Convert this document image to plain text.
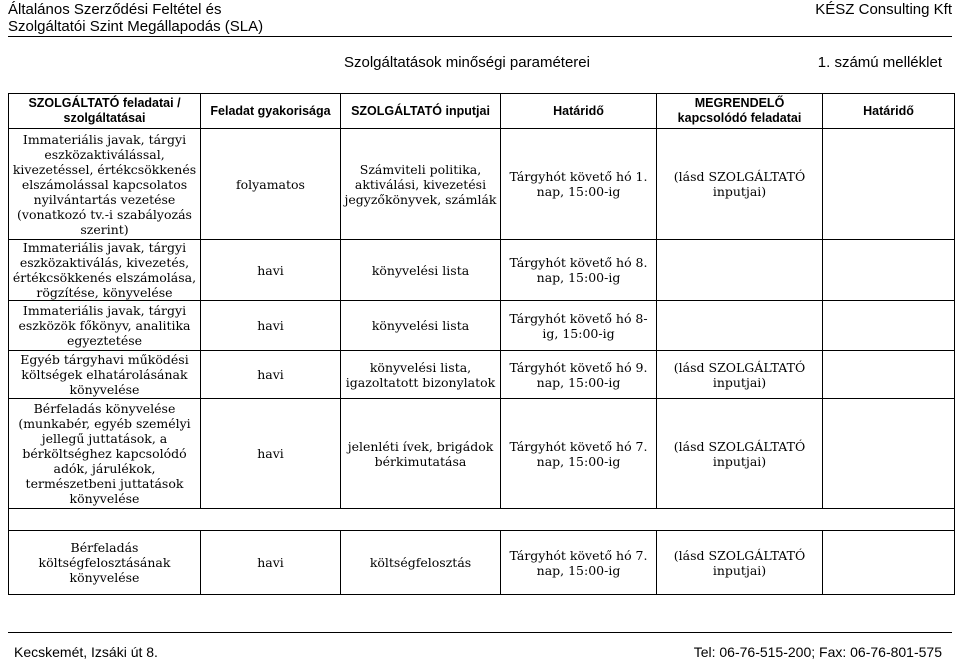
Általános Szerződési Feltétel és
Szolgáltatói Szint Megállapodás (SLA)
KÉSZ Consulting Kft
Szolgáltatások minőségi paraméterei	1. számú melléklet
SZOLGÁLTATÓ feladatai / szolgáltatásai	Feladat gyakorisága	SZOLGÁLTATÓ inputjai	Határidő	MEGRENDELŐ kapcsolódó feladatai	Határidő
Immateriális javak, tárgyi eszközaktiválással, kivezetéssel, értékcsökkenés elszámolással kapcsolatos nyilvántartás vezetése (vonatkozó tv.-i szabályozás szerint)	folyamatos	Számviteli politika, aktiválási, kivezetési jegyzőkönyvek, számlák	Tárgyhót követő hó 1. nap, 15:00-ig	(lásd SZOLGÁLTATÓ inputjai)	
Immateriális javak, tárgyi eszközaktiválás, kivezetés, értékcsökkenés elszámolása, rögzítése, könyvelése	havi	könyvelési lista	Tárgyhót követő hó 8. nap, 15:00-ig		
Immateriális javak, tárgyi eszközök főkönyv, analitika egyeztetése	havi	könyvelési lista	Tárgyhót követő hó 8-ig, 15:00-ig		
Egyéb tárgyhavi működési költségek elhatárolásának könyvelése	havi	könyvelési lista, igazoltatott bizonylatok	Tárgyhót követő hó 9. nap, 15:00-ig	(lásd SZOLGÁLTATÓ inputjai)	
Bérfeladás könyvelése (munkabér, egyéb személyi jellegű juttatások, a bérköltséghez kapcsolódó adók, járulékok, természetbeni juttatások könyvelése	havi	jelenléti ívek, brigádok bérkimutatása	Tárgyhót követő hó 7. nap, 15:00-ig	(lásd SZOLGÁLTATÓ inputjai)	

Bérfeladás költségfelosztásának könyvelése	havi	költségfelosztás	Tárgyhót követő hó 7. nap, 15:00-ig	(lásd SZOLGÁLTATÓ inputjai)	
Kecskemét, Izsáki út 8.	Tel: 06-76-515-200; Fax: 06-76-801-575
